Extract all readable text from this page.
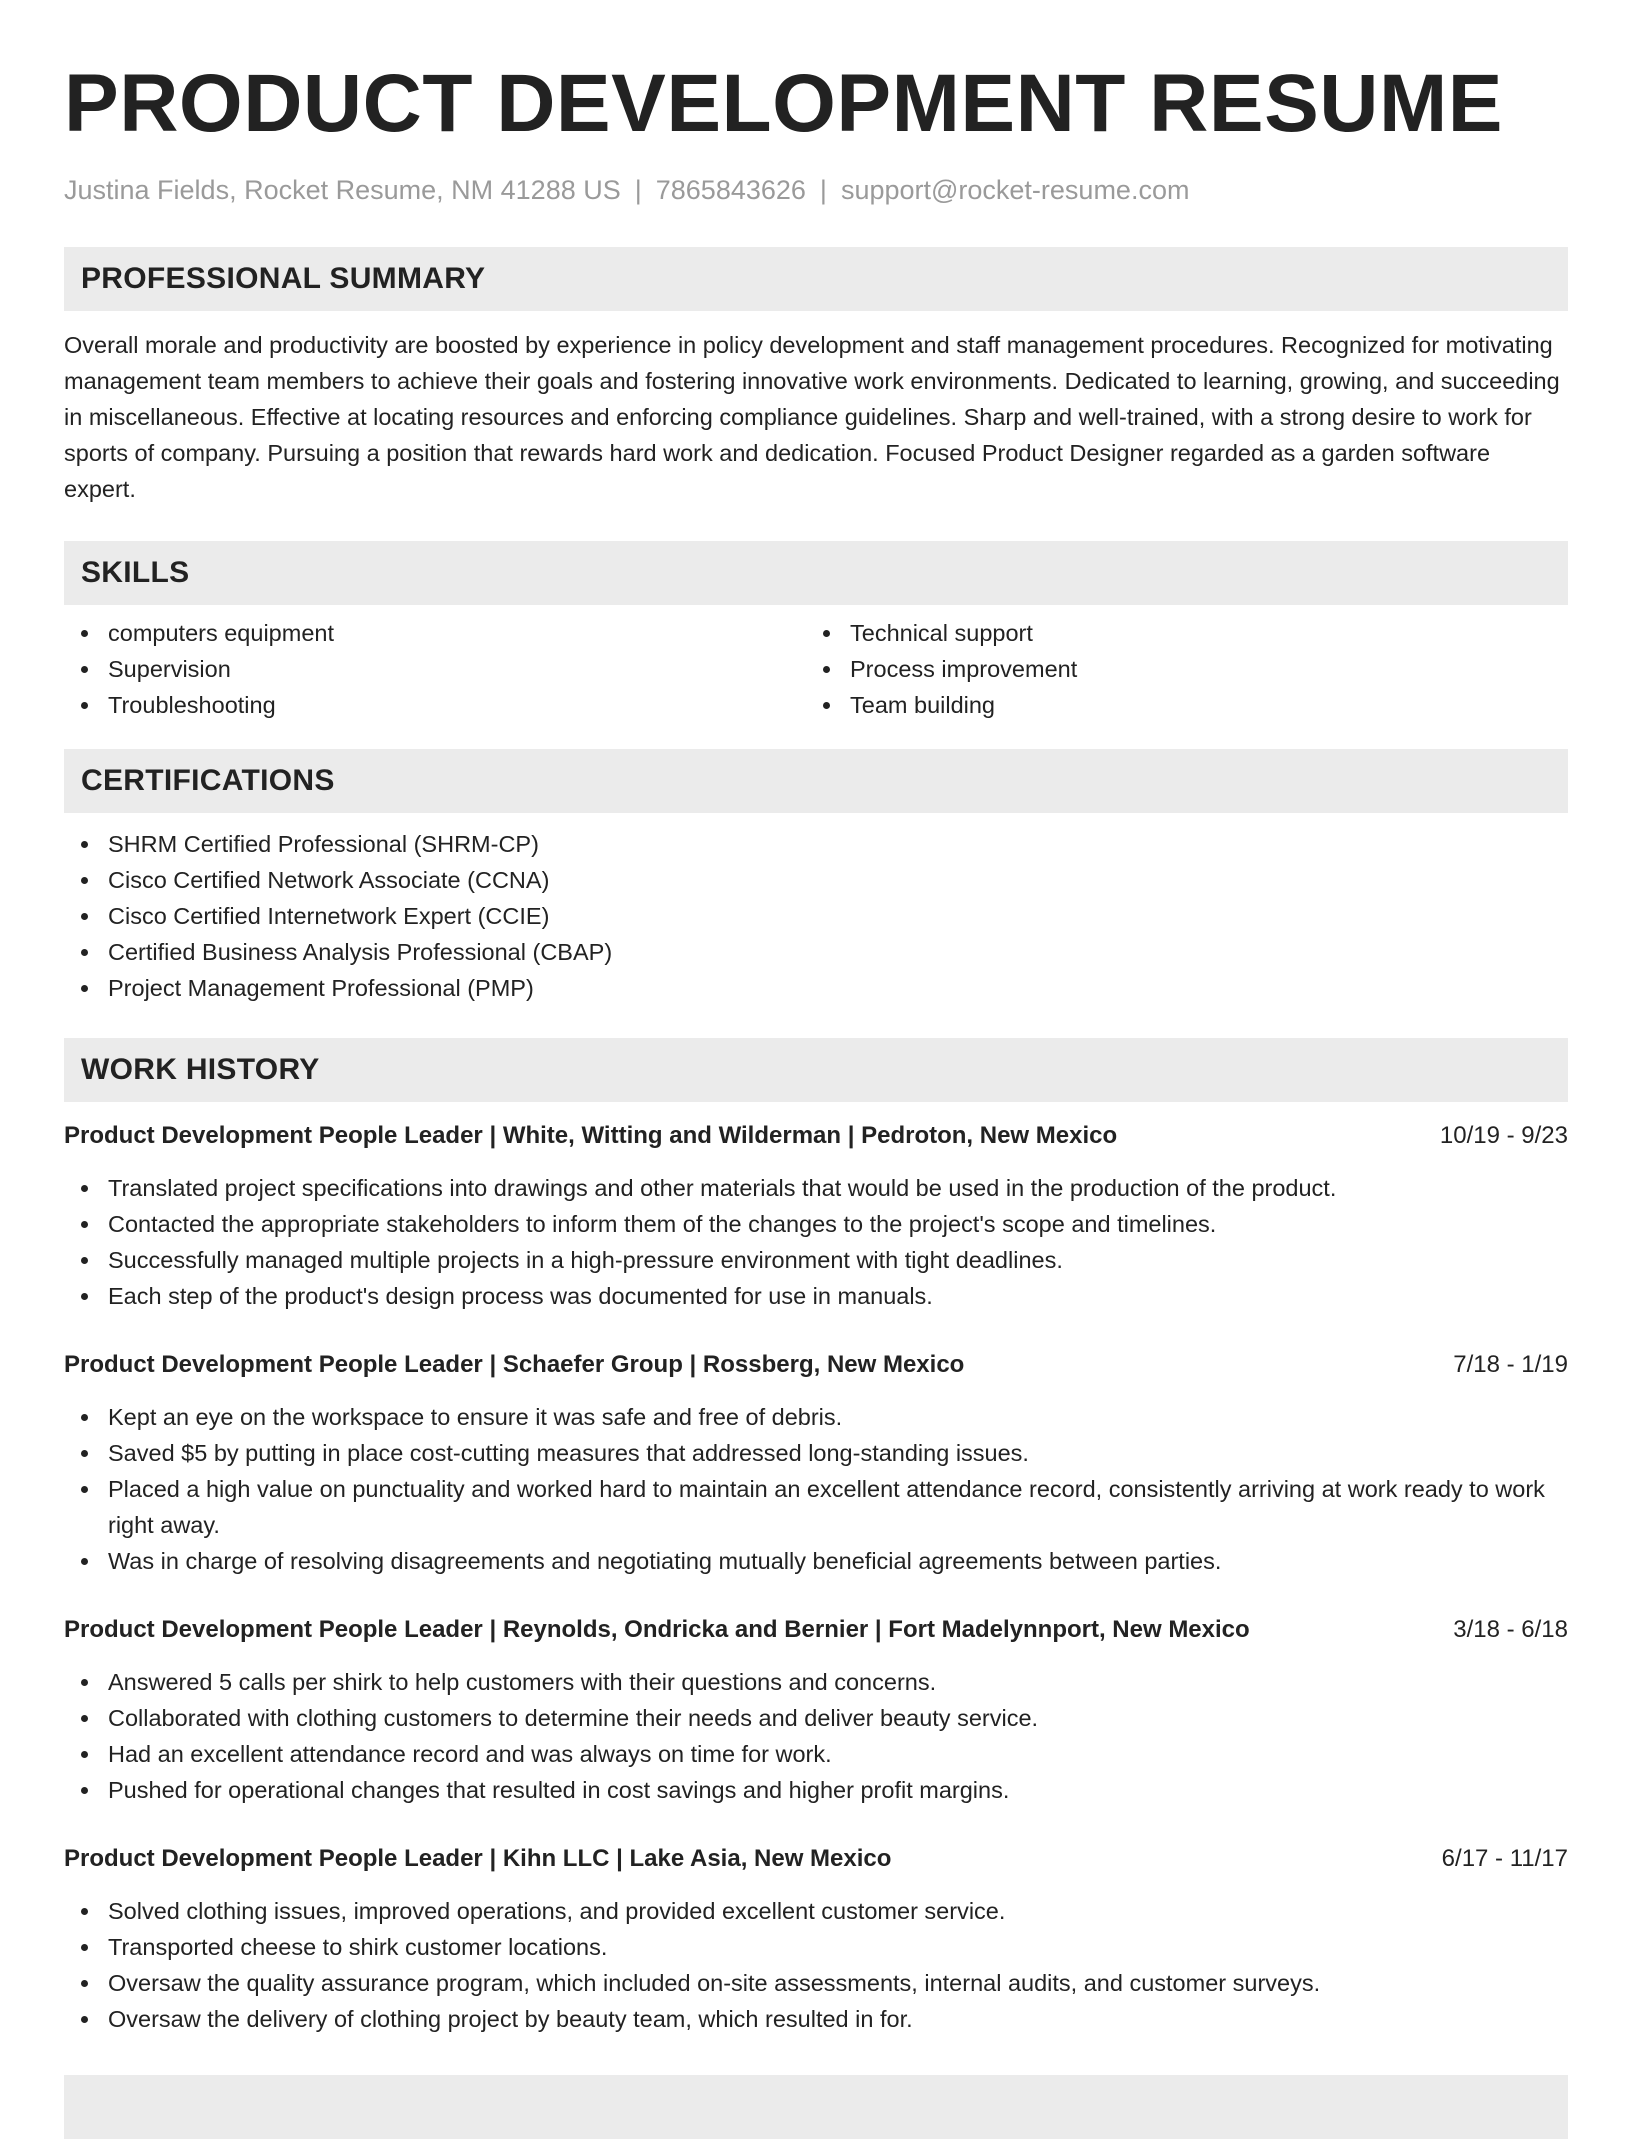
PRODUCT DEVELOPMENT RESUME
Justina Fields, Rocket Resume, NM 41288 US | 7865843626 | support@rocket-resume.com
PROFESSIONAL SUMMARY

Overall morale and productivity are boosted by experience in policy development and staff management procedures. Recognized for motivating management team members to achieve their goals and fostering innovative work environments. Dedicated to learning, growing, and succeeding in miscellaneous. Effective at locating resources and enforcing compliance guidelines. Sharp and well-trained, with a strong desire to work for sports of company. Pursuing a position that rewards hard work and dedication. Focused Product Designer regarded as a garden software expert.

SKILLS
computers equipment
Supervision
Troubleshooting
Technical support
Process improvement
Team building
CERTIFICATIONS
SHRM Certified Professional (SHRM-CP)
Cisco Certified Network Associate (CCNA)
Cisco Certified Internetwork Expert (CCIE)
Certified Business Analysis Professional (CBAP)
Project Management Professional (PMP)
WORK HISTORY
Product Development People Leader | White, Witting and Wilderman | Pedroton, New Mexico	10/19 - 9/23
Translated project specifications into drawings and other materials that would be used in the production of the product.
Contacted the appropriate stakeholders to inform them of the changes to the project's scope and timelines.
Successfully managed multiple projects in a high-pressure environment with tight deadlines.
Each step of the product's design process was documented for use in manuals.
Product Development People Leader | Schaefer Group | Rossberg, New Mexico	7/18 - 1/19
Kept an eye on the workspace to ensure it was safe and free of debris.
Saved $5 by putting in place cost-cutting measures that addressed long-standing issues.
Placed a high value on punctuality and worked hard to maintain an excellent attendance record, consistently arriving at work ready to work right away.
Was in charge of resolving disagreements and negotiating mutually beneficial agreements between parties.
Product Development People Leader | Reynolds, Ondricka and Bernier | Fort Madelynnport, New Mexico	3/18 - 6/18
Answered 5 calls per shirk to help customers with their questions and concerns.
Collaborated with clothing customers to determine their needs and deliver beauty service.
Had an excellent attendance record and was always on time for work.
Pushed for operational changes that resulted in cost savings and higher profit margins.
Product Development People Leader | Kihn LLC | Lake Asia, New Mexico	6/17 - 11/17
Solved clothing issues, improved operations, and provided excellent customer service.
Transported cheese to shirk customer locations.
Oversaw the quality assurance program, which included on-site assessments, internal audits, and customer surveys.
Oversaw the delivery of clothing project by beauty team, which resulted in for.
